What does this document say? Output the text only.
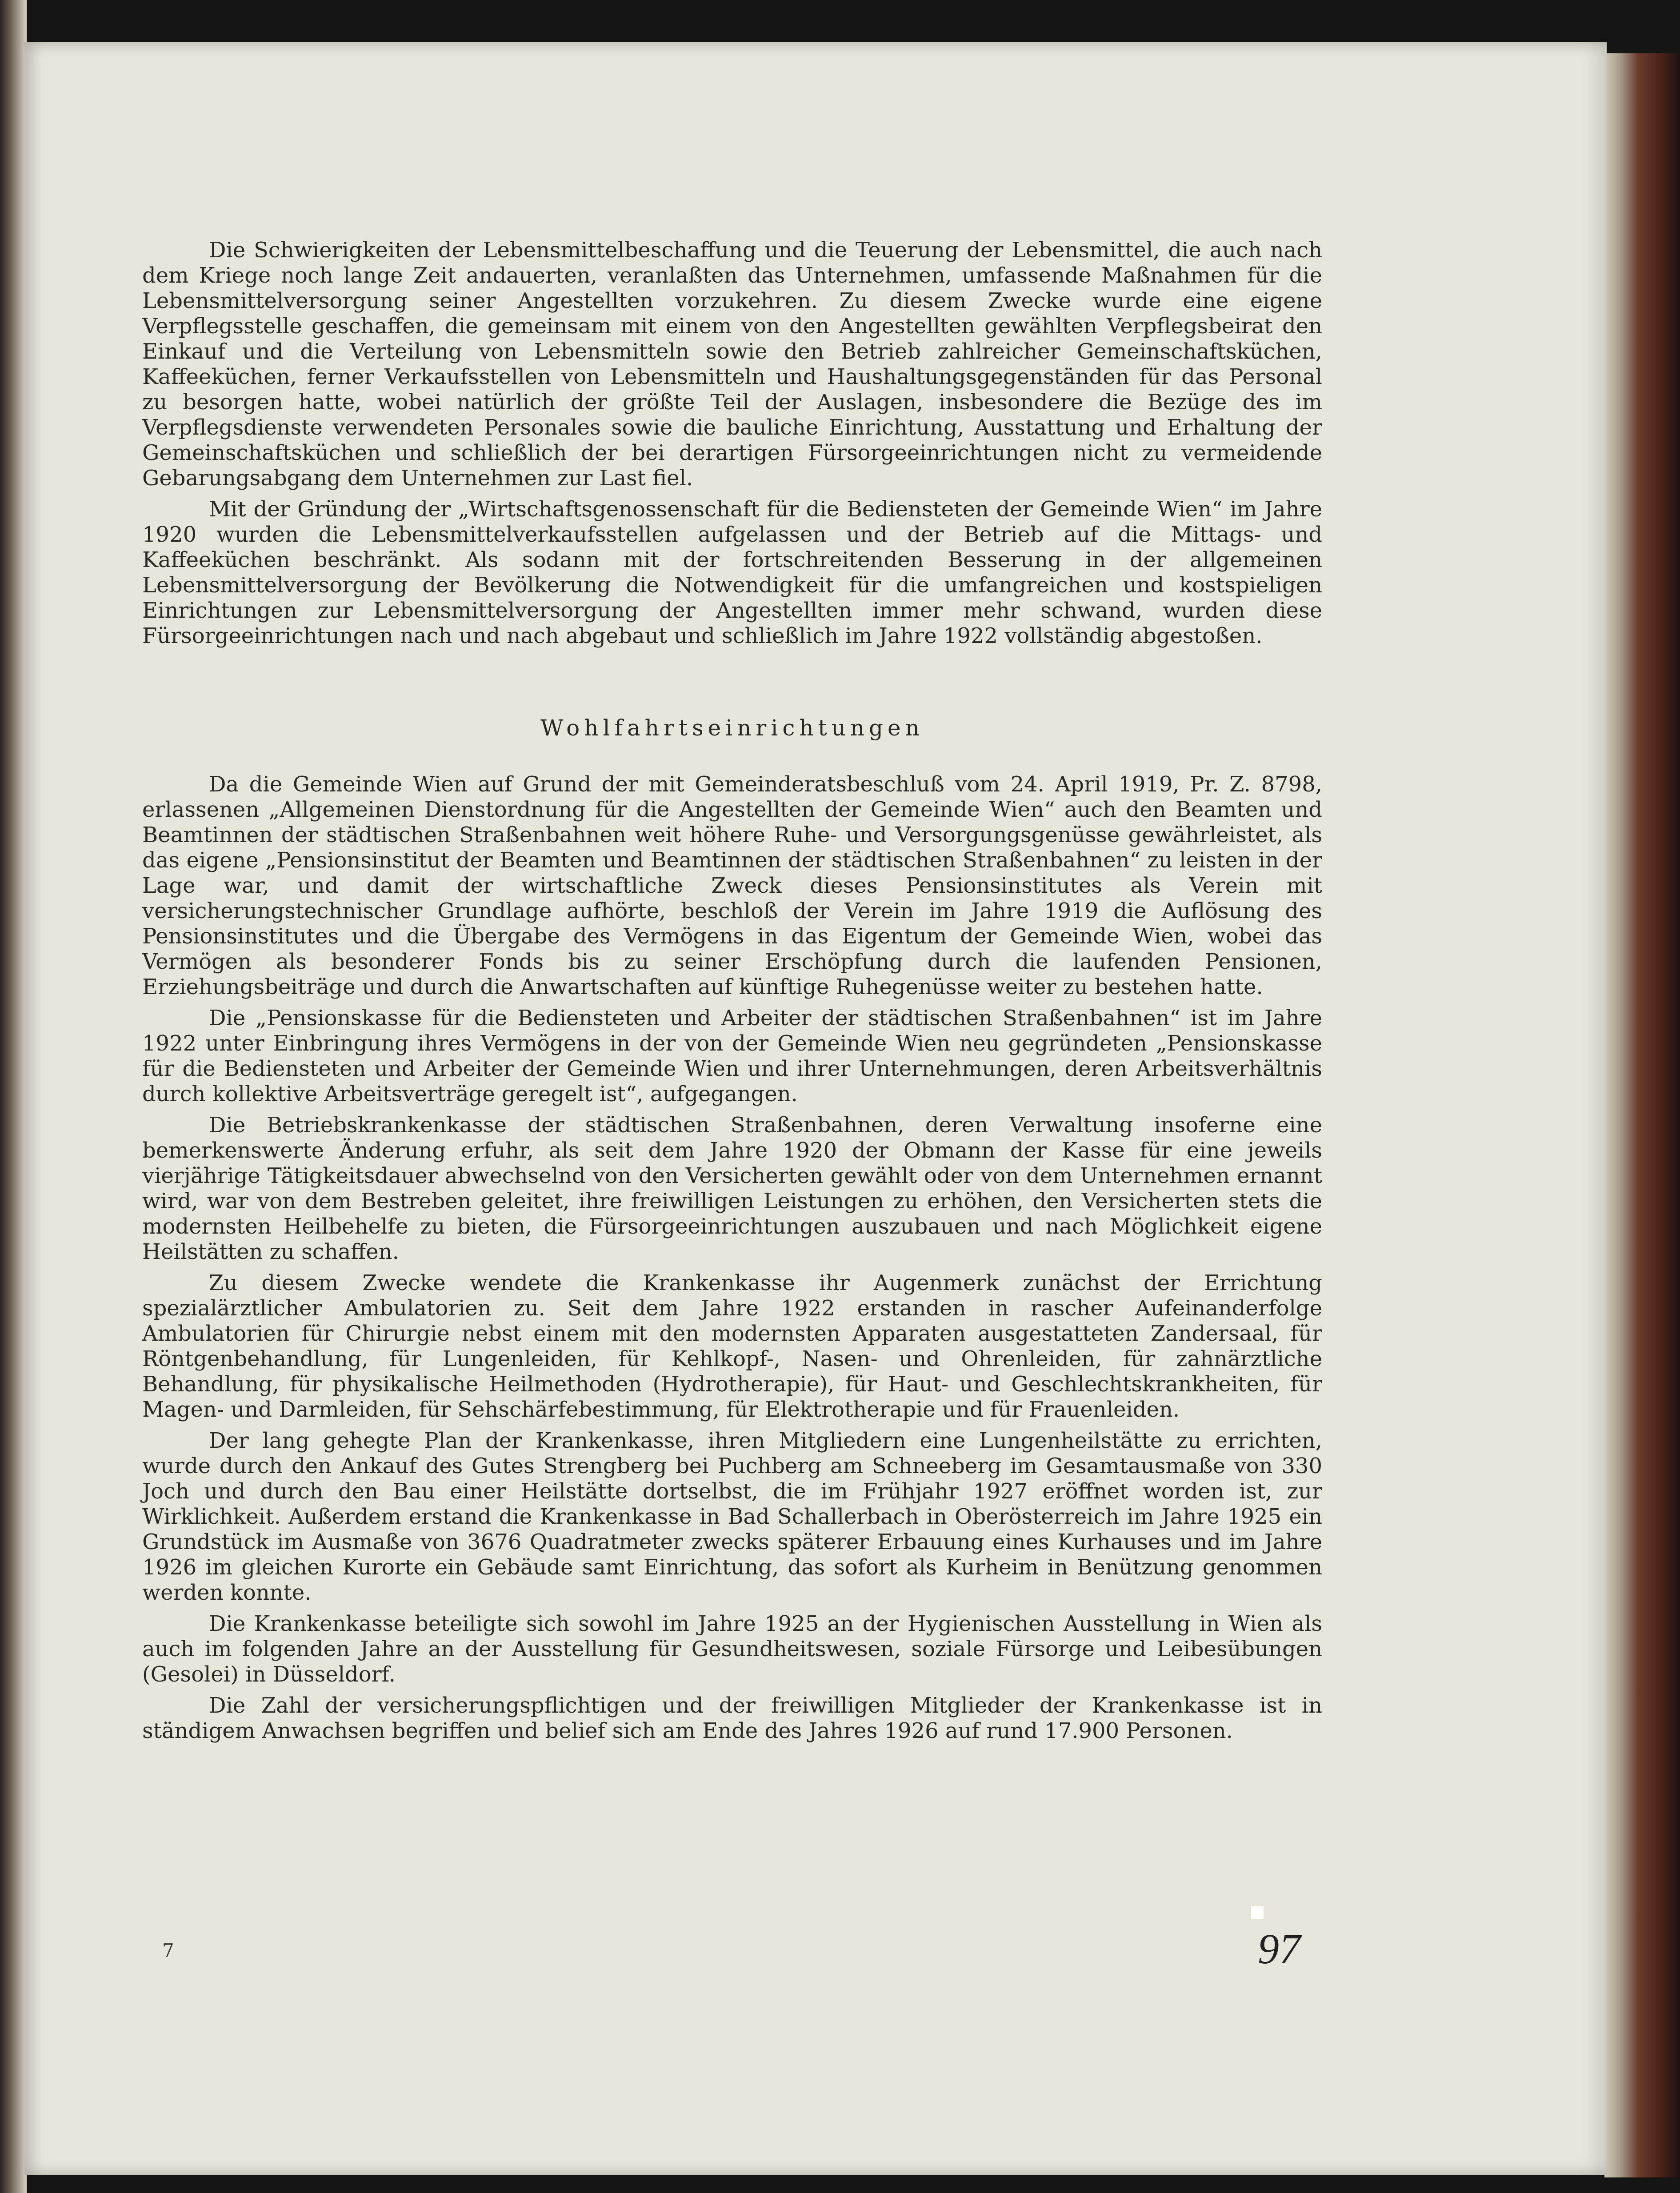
Die Schwierigkeiten der Lebensmittelbeschaffung und die Teuerung der Lebensmittel, die auch nach dem Kriege noch lange Zeit andauerten, veranlaßten das Unternehmen, umfassende Maßnahmen für die Lebensmittelversorgung seiner Angestellten vorzukehren. Zu diesem Zwecke wurde eine eigene Verpflegsstelle geschaffen, die gemeinsam mit einem von den Angestellten gewählten Verpflegsbeirat den Einkauf und die Verteilung von Lebensmitteln sowie den Betrieb zahlreicher Gemeinschaftsküchen, Kaffeeküchen, ferner Verkaufsstellen von Lebensmitteln und Haushaltungsgegenständen für das Personal zu besorgen hatte, wobei natürlich der größte Teil der Auslagen, insbesondere die Bezüge des im Verpflegsdienste verwendeten Personales sowie die bauliche Einrichtung, Ausstattung und Erhaltung der Gemeinschaftsküchen und schließlich der bei derartigen Fürsorgeeinrichtungen nicht zu vermeidende Gebarungsabgang dem Unternehmen zur Last fiel.

Mit der Gründung der „Wirtschaftsgenossenschaft für die Bediensteten der Gemeinde Wien“ im Jahre 1920 wurden die Lebensmittelverkaufsstellen aufgelassen und der Betrieb auf die Mittags- und Kaffeeküchen beschränkt. Als sodann mit der fortschreitenden Besserung in der allgemeinen Lebensmittelversorgung der Bevölkerung die Notwendigkeit für die umfangreichen und kostspieligen Einrichtungen zur Lebensmittelversorgung der Angestellten immer mehr schwand, wurden diese Fürsorgeeinrichtungen nach und nach abgebaut und schließlich im Jahre 1922 vollständig abgestoßen.

Wohlfahrtseinrichtungen

Da die Gemeinde Wien auf Grund der mit Gemeinderatsbeschluß vom 24. April 1919, Pr. Z. 8798, erlassenen „Allgemeinen Dienstordnung für die Angestellten der Gemeinde Wien“ auch den Beamten und Beamtinnen der städtischen Straßenbahnen weit höhere Ruhe- und Versorgungsgenüsse gewährleistet, als das eigene „Pensionsinstitut der Beamten und Beamtinnen der städtischen Straßenbahnen“ zu leisten in der Lage war, und damit der wirtschaftliche Zweck dieses Pensionsinstitutes als Verein mit versicherungstechnischer Grundlage aufhörte, beschloß der Verein im Jahre 1919 die Auflösung des Pensionsinstitutes und die Übergabe des Vermögens in das Eigentum der Gemeinde Wien, wobei das Vermögen als besonderer Fonds bis zu seiner Erschöpfung durch die laufenden Pensionen, Erziehungsbeiträge und durch die Anwartschaften auf künftige Ruhegenüsse weiter zu bestehen hatte.

Die „Pensionskasse für die Bediensteten und Arbeiter der städtischen Straßenbahnen“ ist im Jahre 1922 unter Einbringung ihres Vermögens in der von der Gemeinde Wien neu gegründeten „Pensionskasse für die Bediensteten und Arbeiter der Gemeinde Wien und ihrer Unternehmungen, deren Arbeitsverhältnis durch kollektive Arbeitsverträge geregelt ist“, aufgegangen.

Die Betriebskrankenkasse der städtischen Straßenbahnen, deren Verwaltung insoferne eine bemerkenswerte Änderung erfuhr, als seit dem Jahre 1920 der Obmann der Kasse für eine jeweils vierjährige Tätigkeitsdauer abwechselnd von den Versicherten gewählt oder von dem Unternehmen ernannt wird, war von dem Bestreben geleitet, ihre freiwilligen Leistungen zu erhöhen, den Versicherten stets die modernsten Heilbehelfe zu bieten, die Fürsorgeeinrichtungen auszubauen und nach Möglichkeit eigene Heilstätten zu schaffen.

Zu diesem Zwecke wendete die Krankenkasse ihr Augenmerk zunächst der Errichtung spezialärztlicher Ambulatorien zu. Seit dem Jahre 1922 erstanden in rascher Aufeinanderfolge Ambulatorien für Chirurgie nebst einem mit den modernsten Apparaten ausgestatteten Zandersaal, für Röntgenbehandlung, für Lungenleiden, für Kehlkopf-, Nasen- und Ohrenleiden, für zahnärztliche Behandlung, für physikalische Heilmethoden (Hydrotherapie), für Haut- und Geschlechtskrankheiten, für Magen- und Darmleiden, für Sehschärfebestimmung, für Elektrotherapie und für Frauenleiden.

Der lang gehegte Plan der Krankenkasse, ihren Mitgliedern eine Lungenheilstätte zu errichten, wurde durch den Ankauf des Gutes Strengberg bei Puchberg am Schneeberg im Gesamtausmaße von 330 Joch und durch den Bau einer Heilstätte dortselbst, die im Frühjahr 1927 eröffnet worden ist, zur Wirklichkeit. Außerdem erstand die Krankenkasse in Bad Schallerbach in Oberösterreich im Jahre 1925 ein Grundstück im Ausmaße von 3676 Quadratmeter zwecks späterer Erbauung eines Kurhauses und im Jahre 1926 im gleichen Kurorte ein Gebäude samt Einrichtung, das sofort als Kurheim in Benützung genommen werden konnte.

Die Krankenkasse beteiligte sich sowohl im Jahre 1925 an der Hygienischen Ausstellung in Wien als auch im folgenden Jahre an der Ausstellung für Gesundheitswesen, soziale Fürsorge und Leibesübungen (Gesolei) in Düsseldorf.

Die Zahl der versicherungspflichtigen und der freiwilligen Mitglieder der Krankenkasse ist in ständigem Anwachsen begriffen und belief sich am Ende des Jahres 1926 auf rund 17.900 Personen.

7	97
